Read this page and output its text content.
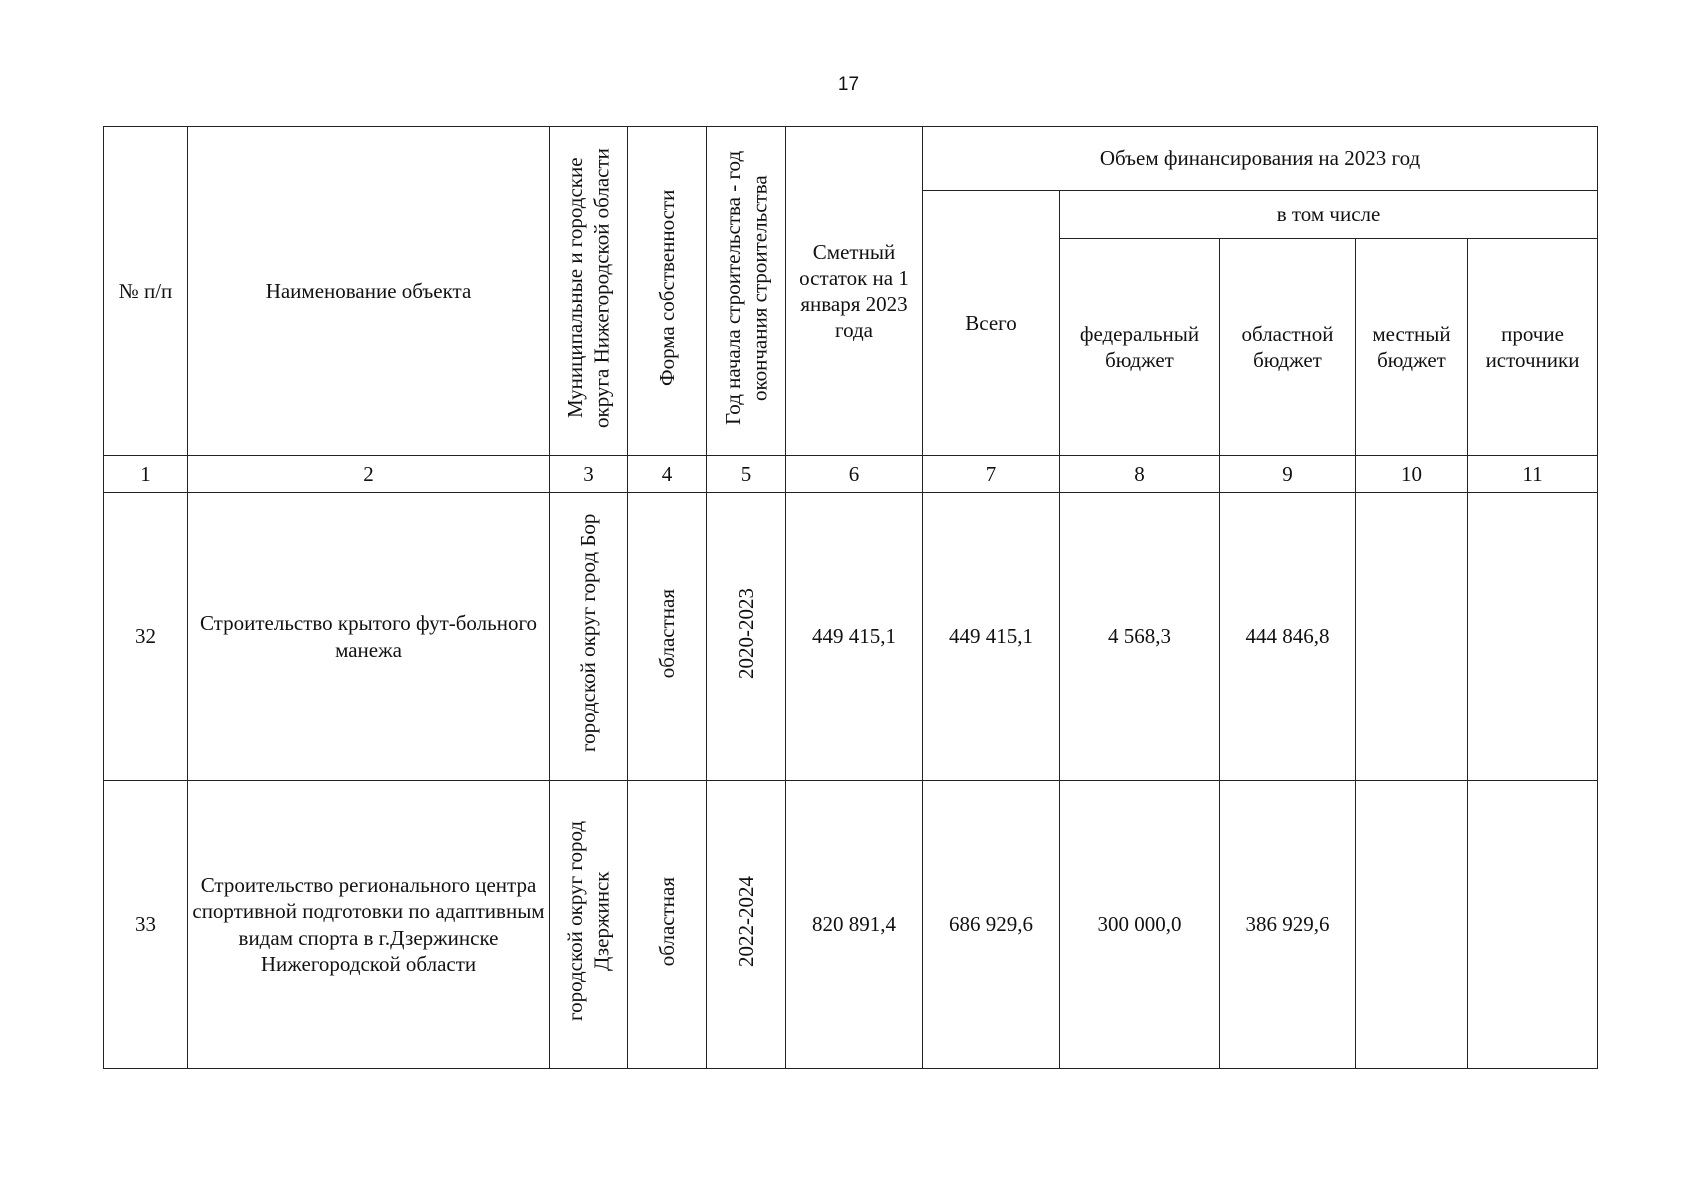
17
№ п/п	Наименование объекта	Муниципальные и городские округа Нижегородской области	Форма собственности	Год начала строительства - год окончания строительства	Сметный остаток на 1 января 2023 года	Объем финансирования на 2023 год				
						Всего	в том числе			
							федеральный бюджет	областной бюджет	местный бюджет	прочие источники
1	2	3	4	5	6	7	8	9	10	11
32	Строительство крытого фут-больного манежа	городской округ город Бор	областная	2020-2023	449 415,1	449 415,1	4 568,3	444 846,8		
33	Строительство регионального центра спортивной подготовки по адаптивным видам спорта в г.Дзержинске Нижегородской области	городской округ город Дзержинск	областная	2022-2024	820 891,4	686 929,6	300 000,0	386 929,6		
